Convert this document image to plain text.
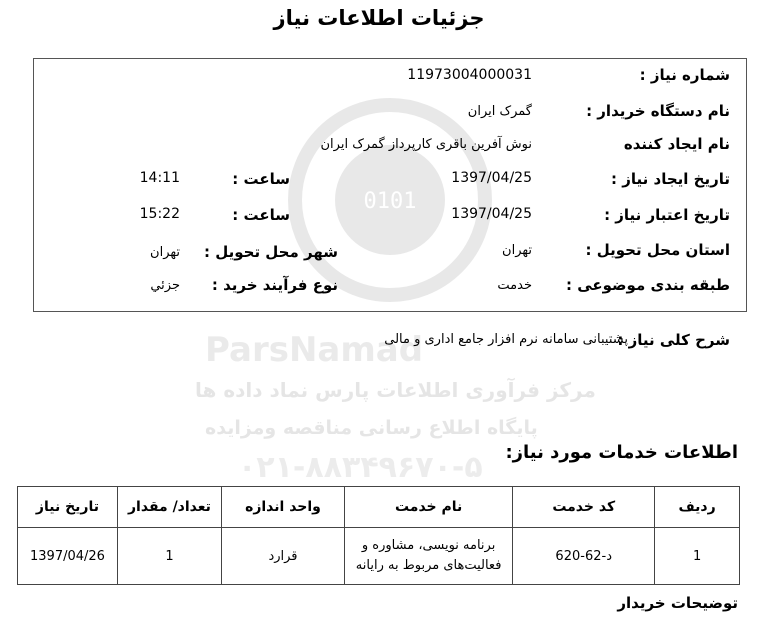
جزئیات اطلاعات نیاز
0101
ParsNamad
مرکز فرآوری اطلاعات پارس نماد داده ها
پایگاه اطلاع رسانی مناقصه ومزایده
۰۲۱-۸۸۳۴۹۶۷۰-۵
شماره نیاز :
11973004000031
نام دستگاه خریدار :
گمرک ایران
نام ایجاد کننده
نوش آفرین باقری کارپرداز گمرک ایران
تاریخ ایجاد نیاز :
1397/04/25
ساعت :
14:11
تاریخ اعتبار نیاز :
1397/04/25
ساعت :
15:22
استان محل تحویل :
تهران
شهر محل تحویل :
تهران
طبقه بندی موضوعی :
خدمت
نوع فرآیند خرید :
جزئي
شرح کلی نیاز :
پشتیبانی سامانه نرم افزار جامع اداری و مالی
اطلاعات خدمات مورد نیاز:
ردیف	کد خدمت	نام خدمت	واحد اندازه	تعداد/ مقدار	تاریخ نیاز
1	د-62-620	برنامه نویسی، مشاوره و فعالیت‌های مربوط به رایانه	قرارد	1	1397/04/26
توضیحات خریدار
